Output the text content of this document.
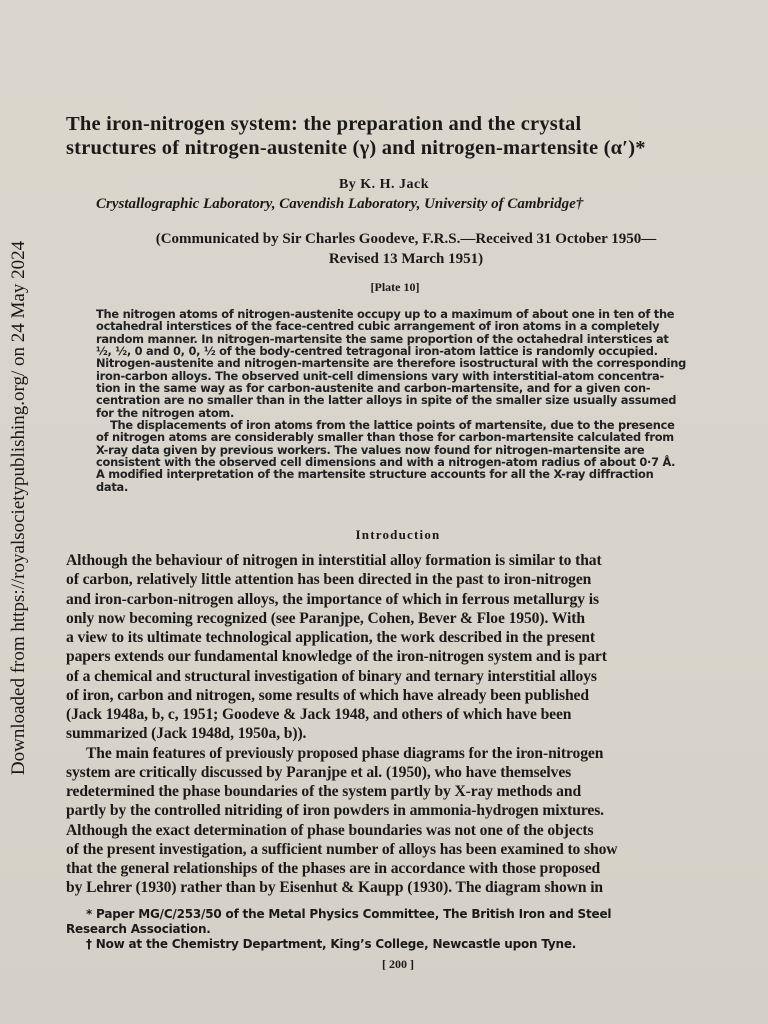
Downloaded from https://royalsocietypublishing.org/ on 24 May 2024
The iron-nitrogen system: the preparation and the crystal
structures of nitrogen-austenite (γ) and nitrogen-martensite (α′)*
By K. H. Jack
Crystallographic Laboratory, Cavendish Laboratory, University of Cambridge†
(Communicated by Sir Charles Goodeve, F.R.S.—Received 31 October 1950—
Revised 13 March 1951)
[Plate 10]
The nitrogen atoms of nitrogen-austenite occupy up to a maximum of about one in ten of the
octahedral interstices of the face-centred cubic arrangement of iron atoms in a completely
random manner. In nitrogen-martensite the same proportion of the octahedral interstices at
½, ½, 0 and 0, 0, ½ of the body-centred tetragonal iron-atom lattice is randomly occupied.
Nitrogen-austenite and nitrogen-martensite are therefore isostructural with the corresponding
iron-carbon alloys. The observed unit-cell dimensions vary with interstitial-atom concentra-
tion in the same way as for carbon-austenite and carbon-martensite, and for a given con-
centration are no smaller than in the latter alloys in spite of the smaller size usually assumed
for the nitrogen atom.
The displacements of iron atoms from the lattice points of martensite, due to the presence
of nitrogen atoms are considerably smaller than those for carbon-martensite calculated from
X-ray data given by previous workers. The values now found for nitrogen-martensite are
consistent with the observed cell dimensions and with a nitrogen-atom radius of about 0·7 Å.
A modified interpretation of the martensite structure accounts for all the X-ray diffraction
data.
Introduction
Although the behaviour of nitrogen in interstitial alloy formation is similar to that
of carbon, relatively little attention has been directed in the past to iron-nitrogen
and iron-carbon-nitrogen alloys, the importance of which in ferrous metallurgy is
only now becoming recognized (see Paranjpe, Cohen, Bever & Floe 1950). With
a view to its ultimate technological application, the work described in the present
papers extends our fundamental knowledge of the iron-nitrogen system and is part
of a chemical and structural investigation of binary and ternary interstitial alloys
of iron, carbon and nitrogen, some results of which have already been published
(Jack 1948a, b, c, 1951; Goodeve & Jack 1948, and others of which have been
summarized (Jack 1948d, 1950a, b)).
The main features of previously proposed phase diagrams for the iron-nitrogen
system are critically discussed by Paranjpe et al. (1950), who have themselves
redetermined the phase boundaries of the system partly by X-ray methods and
partly by the controlled nitriding of iron powders in ammonia-hydrogen mixtures.
Although the exact determination of phase boundaries was not one of the objects
of the present investigation, a sufficient number of alloys has been examined to show
that the general relationships of the phases are in accordance with those proposed
by Lehrer (1930) rather than by Eisenhut & Kaupp (1930). The diagram shown in
* Paper MG/C/253/50 of the Metal Physics Committee, The British Iron and Steel
Research Association.
† Now at the Chemistry Department, King’s College, Newcastle upon Tyne.
[ 200 ]
